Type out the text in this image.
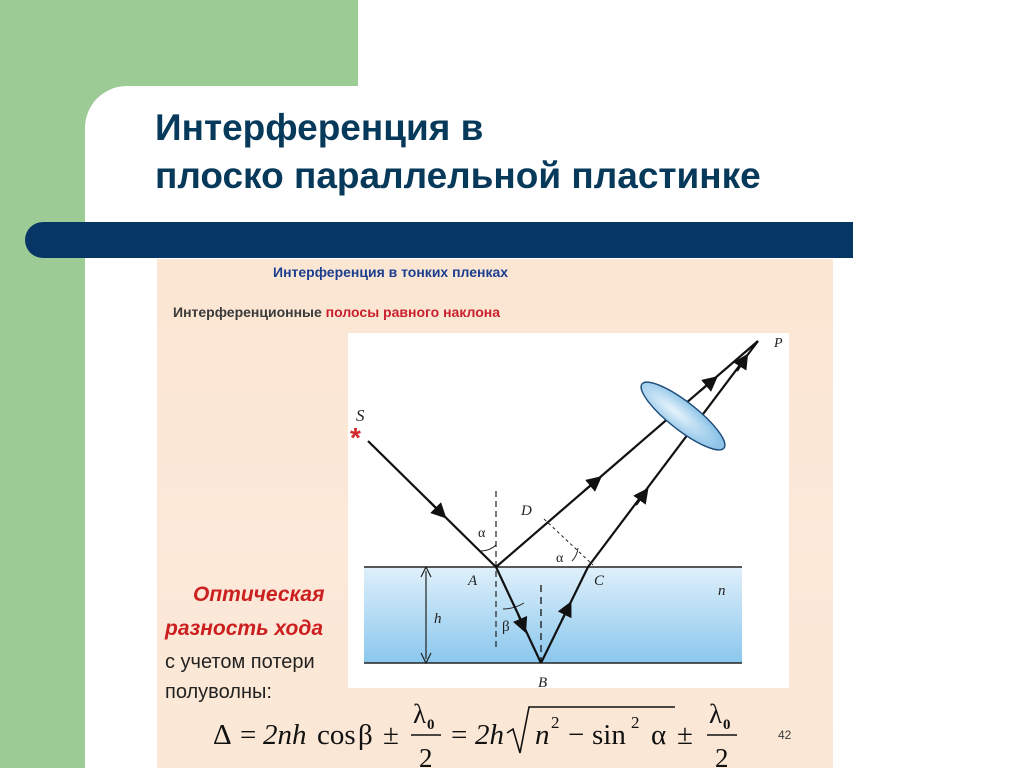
Интерференция в
плоско параллельной пластинке
Интерференция в тонких пленках
Интерференционные полосы равного наклона
S
*
A
B
C
D
P
h
n
α
α
β
Оптическая
разность хода
с учетом потери
полуволны:
Δ = 2nh cos β ±
λ 0
2
= 2h n 2 − sin 2 α ±
λ 0
2
42
